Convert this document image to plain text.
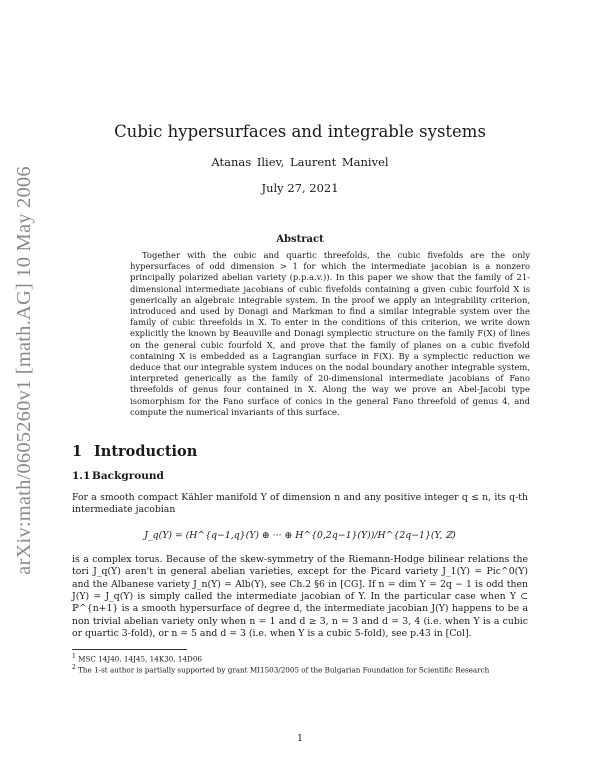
arXiv:math/0605260v1 [math.AG] 10 May 2006
Cubic hypersurfaces and integrable systems
Atanas Iliev, Laurent Manivel
July 27, 2021
Abstract

Together with the cubic and quartic threefolds, the cubic fivefolds are the only hypersurfaces of odd dimension > 1 for which the intermediate jacobian is a nonzero principally polarized abelian variety (p.p.a.v.)). In this paper we show that the family of 21-dimensional intermediate jacobians of cubic fivefolds containing a given cubic fourfold X is generically an algebraic integrable system. In the proof we apply an integrability criterion, introduced and used by Donagi and Markman to find a similar integrable system over the family of cubic threefolds in X. To enter in the conditions of this criterion, we write down explicitly the known by Beauville and Donagi symplectic structure on the family F(X) of lines on the general cubic fourfold X, and prove that the family of planes on a cubic fivefold containing X is embedded as a Lagrangian surface in F(X). By a symplectic reduction we deduce that our integrable system induces on the nodal boundary another integrable system, interpreted generically as the family of 20-dimensional intermediate jacobians of Fano threefolds of genus four contained in X. Along the way we prove an Abel-Jacobi type isomorphism for the Fano surface of conics in the general Fano threefold of genus 4, and compute the numerical invariants of this surface.

1 Introduction
1.1 Background

For a smooth compact Kähler manifold Y of dimension n and any positive integer q ≤ n, its q-th intermediate jacobian

J_q(Y) = (H^{q−1,q}(Y) ⊕ ··· ⊕ H^{0,2q−1}(Y))/H^{2q−1}(Y, ℤ)

is a complex torus. Because of the skew-symmetry of the Riemann-Hodge bilinear relations the tori J_q(Y) aren't in general abelian varieties, except for the Picard variety J_1(Y) = Pic^0(Y) and the Albanese variety J_n(Y) = Alb(Y), see Ch.2 §6 in [CG]. If n = dim Y = 2q − 1 is odd then J(Y) = J_q(Y) is simply called the intermediate jacobian of Y. In the particular case when Y ⊂ ℙ^{n+1} is a smooth hypersurface of degree d, the intermediate jacobian J(Y) happens to be a non trivial abelian variety only when n = 1 and d ≥ 3, n = 3 and d = 3, 4 (i.e. when Y is a cubic or quartic 3-fold), or n = 5 and d = 3 (i.e. when Y is a cubic 5-fold), see p.43 in [Col].

$^1$ MSC 14J40, 14J45, 14K30, 14D06

$^2$ The 1-st author is partially supported by grant MI1503/2005 of the Bulgarian Foundation for Scientific Research

1
